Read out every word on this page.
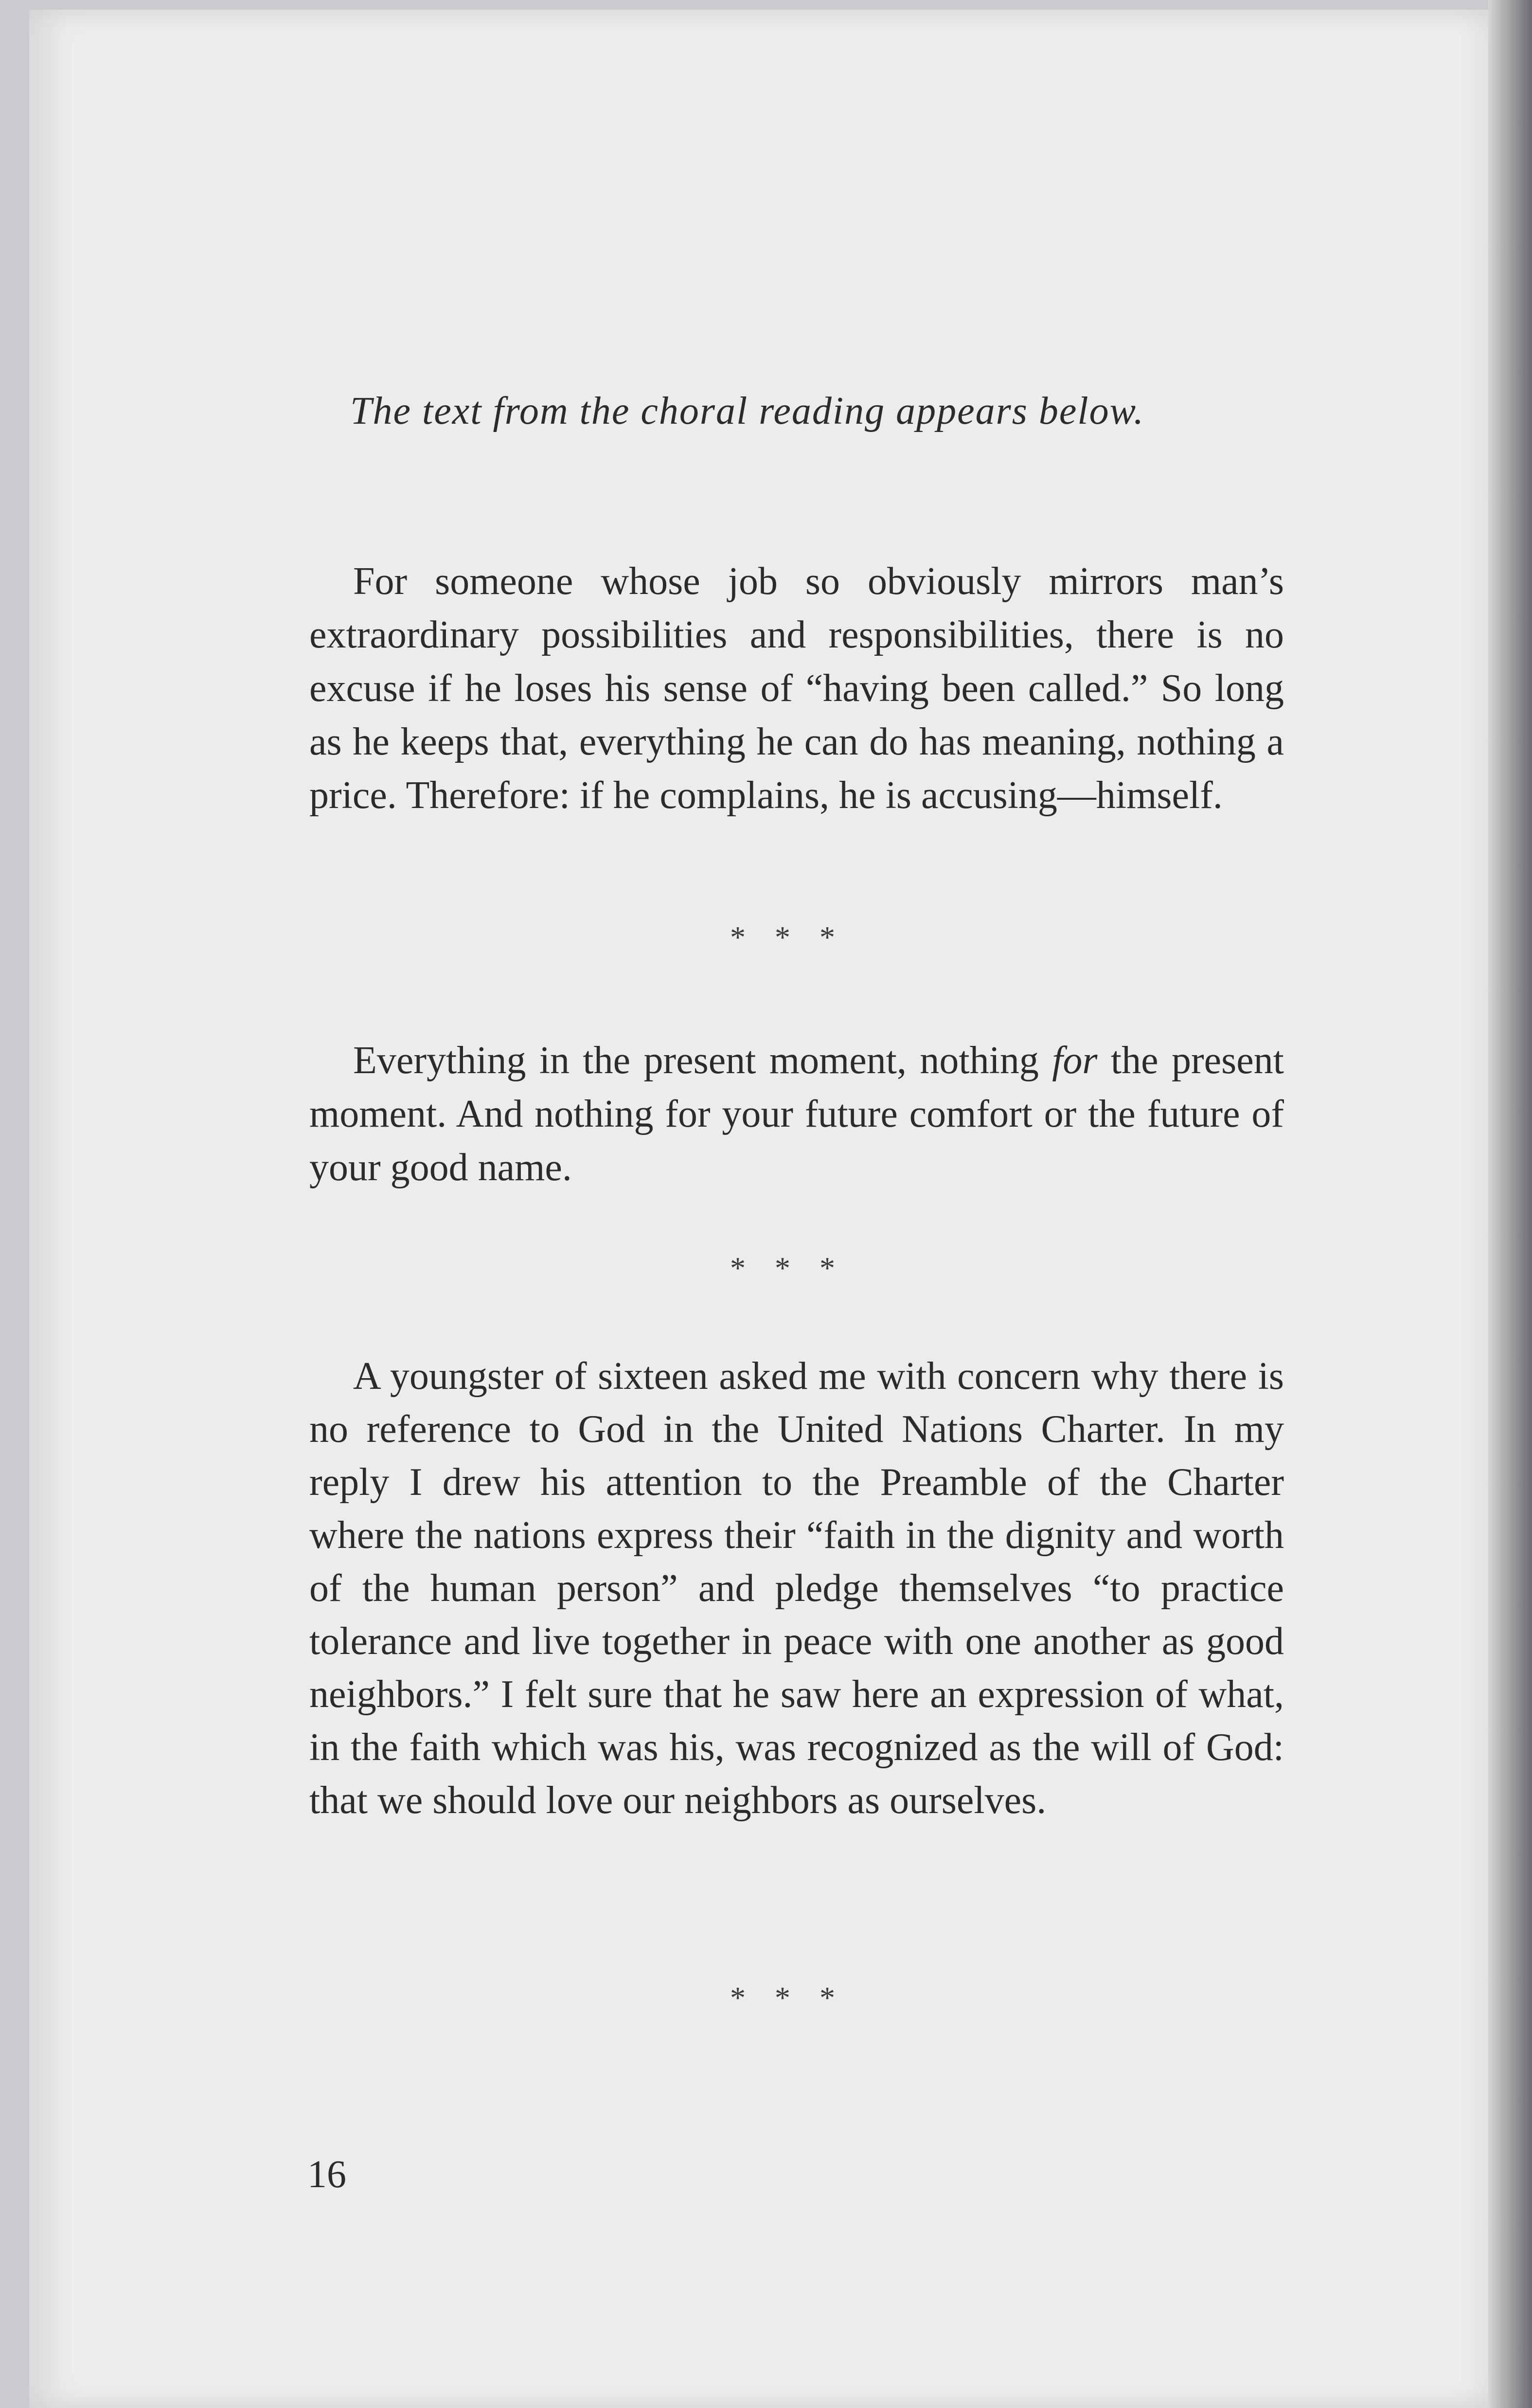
The text from the choral reading appears below.
For someone whose job so obviously mirrors man’s extraordinary possibilities and responsibilities, there is no excuse if he loses his sense of “having been called.” So long as he keeps that, everything he can do has meaning, nothing a price. Therefore: if he complains, he is accusing—himself.
* * *
Everything in the present moment, nothing for the present moment. And nothing for your future comfort or the future of your good name.
* * *
A youngster of sixteen asked me with concern why there is no reference to God in the United Nations Charter. In my reply I drew his attention to the Preamble of the Charter where the nations express their “faith in the dignity and worth of the human person” and pledge themselves “to practice tolerance and live together in peace with one another as good neighbors.” I felt sure that he saw here an expression of what, in the faith which was his, was recognized as the will of God: that we should love our neighbors as ourselves.
* * *
16
